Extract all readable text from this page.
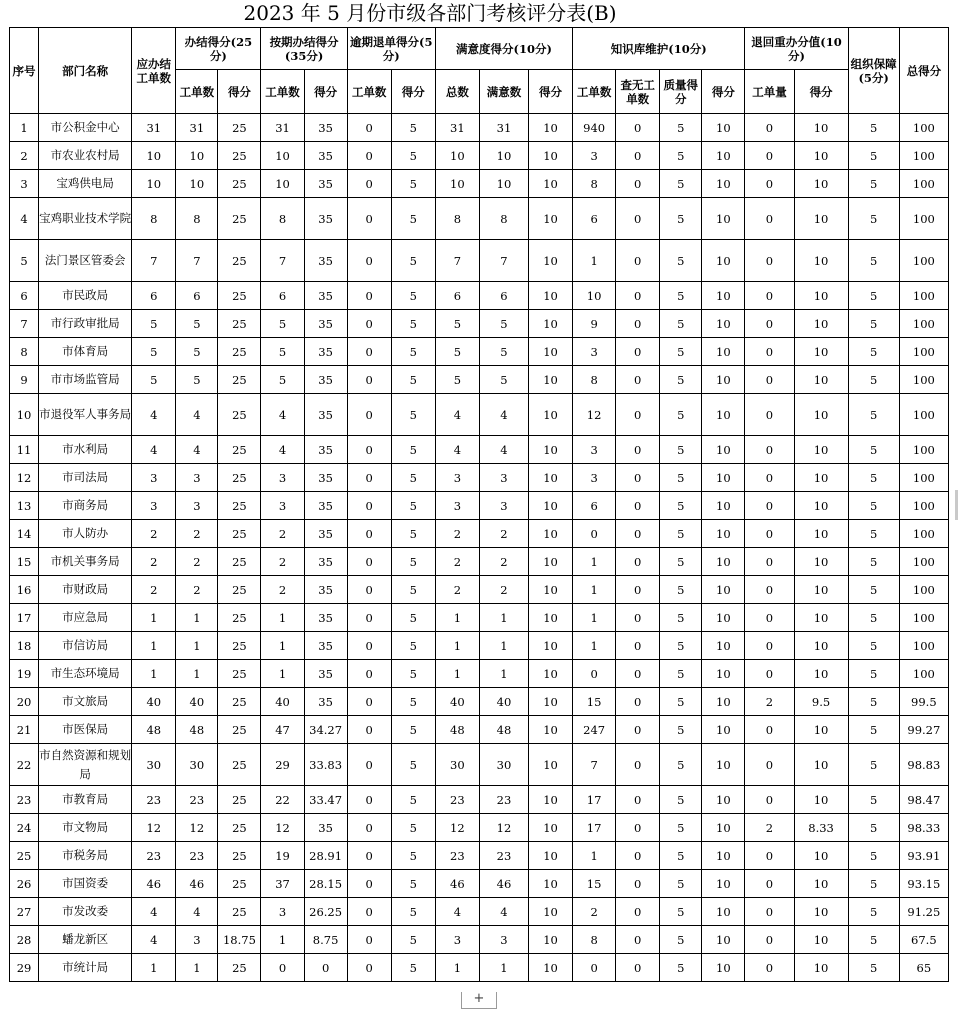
2023 年 5 月份市级各部门考核评分表(B)
序号	部门名称	应办结工单数	办结得分(25分)		按期办结得分(35分)		逾期退单得分(5分)		满意度得分(10分)			知识库维护(10分)				退回重办分值(10分)		组织保障(5分)	总得分
			工单数	得分	工单数	得分	工单数	得分	总数	满意数	得分	工单数	查无工单数	质量得分	得分	工单量	得分		
1	市公积金中心	31	31	25	31	35	0	5	31	31	10	940	0	5	10	0	10	5	100
2	市农业农村局	10	10	25	10	35	0	5	10	10	10	3	0	5	10	0	10	5	100
3	宝鸡供电局	10	10	25	10	35	0	5	10	10	10	8	0	5	10	0	10	5	100
4	宝鸡职业技术学院	8	8	25	8	35	0	5	8	8	10	6	0	5	10	0	10	5	100
5	法门景区管委会	7	7	25	7	35	0	5	7	7	10	1	0	5	10	0	10	5	100
6	市民政局	6	6	25	6	35	0	5	6	6	10	10	0	5	10	0	10	5	100
7	市行政审批局	5	5	25	5	35	0	5	5	5	10	9	0	5	10	0	10	5	100
8	市体育局	5	5	25	5	35	0	5	5	5	10	3	0	5	10	0	10	5	100
9	市市场监管局	5	5	25	5	35	0	5	5	5	10	8	0	5	10	0	10	5	100
10	市退役军人事务局	4	4	25	4	35	0	5	4	4	10	12	0	5	10	0	10	5	100
11	市水利局	4	4	25	4	35	0	5	4	4	10	3	0	5	10	0	10	5	100
12	市司法局	3	3	25	3	35	0	5	3	3	10	3	0	5	10	0	10	5	100
13	市商务局	3	3	25	3	35	0	5	3	3	10	6	0	5	10	0	10	5	100
14	市人防办	2	2	25	2	35	0	5	2	2	10	0	0	5	10	0	10	5	100
15	市机关事务局	2	2	25	2	35	0	5	2	2	10	1	0	5	10	0	10	5	100
16	市财政局	2	2	25	2	35	0	5	2	2	10	1	0	5	10	0	10	5	100
17	市应急局	1	1	25	1	35	0	5	1	1	10	1	0	5	10	0	10	5	100
18	市信访局	1	1	25	1	35	0	5	1	1	10	1	0	5	10	0	10	5	100
19	市生态环境局	1	1	25	1	35	0	5	1	1	10	0	0	5	10	0	10	5	100
20	市文旅局	40	40	25	40	35	0	5	40	40	10	15	0	5	10	2	9.5	5	99.5
21	市医保局	48	48	25	47	34.27	0	5	48	48	10	247	0	5	10	0	10	5	99.27
22	市自然资源和规划局	30	30	25	29	33.83	0	5	30	30	10	7	0	5	10	0	10	5	98.83
23	市教育局	23	23	25	22	33.47	0	5	23	23	10	17	0	5	10	0	10	5	98.47
24	市文物局	12	12	25	12	35	0	5	12	12	10	17	0	5	10	2	8.33	5	98.33
25	市税务局	23	23	25	19	28.91	0	5	23	23	10	1	0	5	10	0	10	5	93.91
26	市国资委	46	46	25	37	28.15	0	5	46	46	10	15	0	5	10	0	10	5	93.15
27	市发改委	4	4	25	3	26.25	0	5	4	4	10	2	0	5	10	0	10	5	91.25
28	蟠龙新区	4	3	18.75	1	8.75	0	5	3	3	10	8	0	5	10	0	10	5	67.5
29	市统计局	1	1	25	0	0	0	5	1	1	10	0	0	5	10	0	10	5	65
+
